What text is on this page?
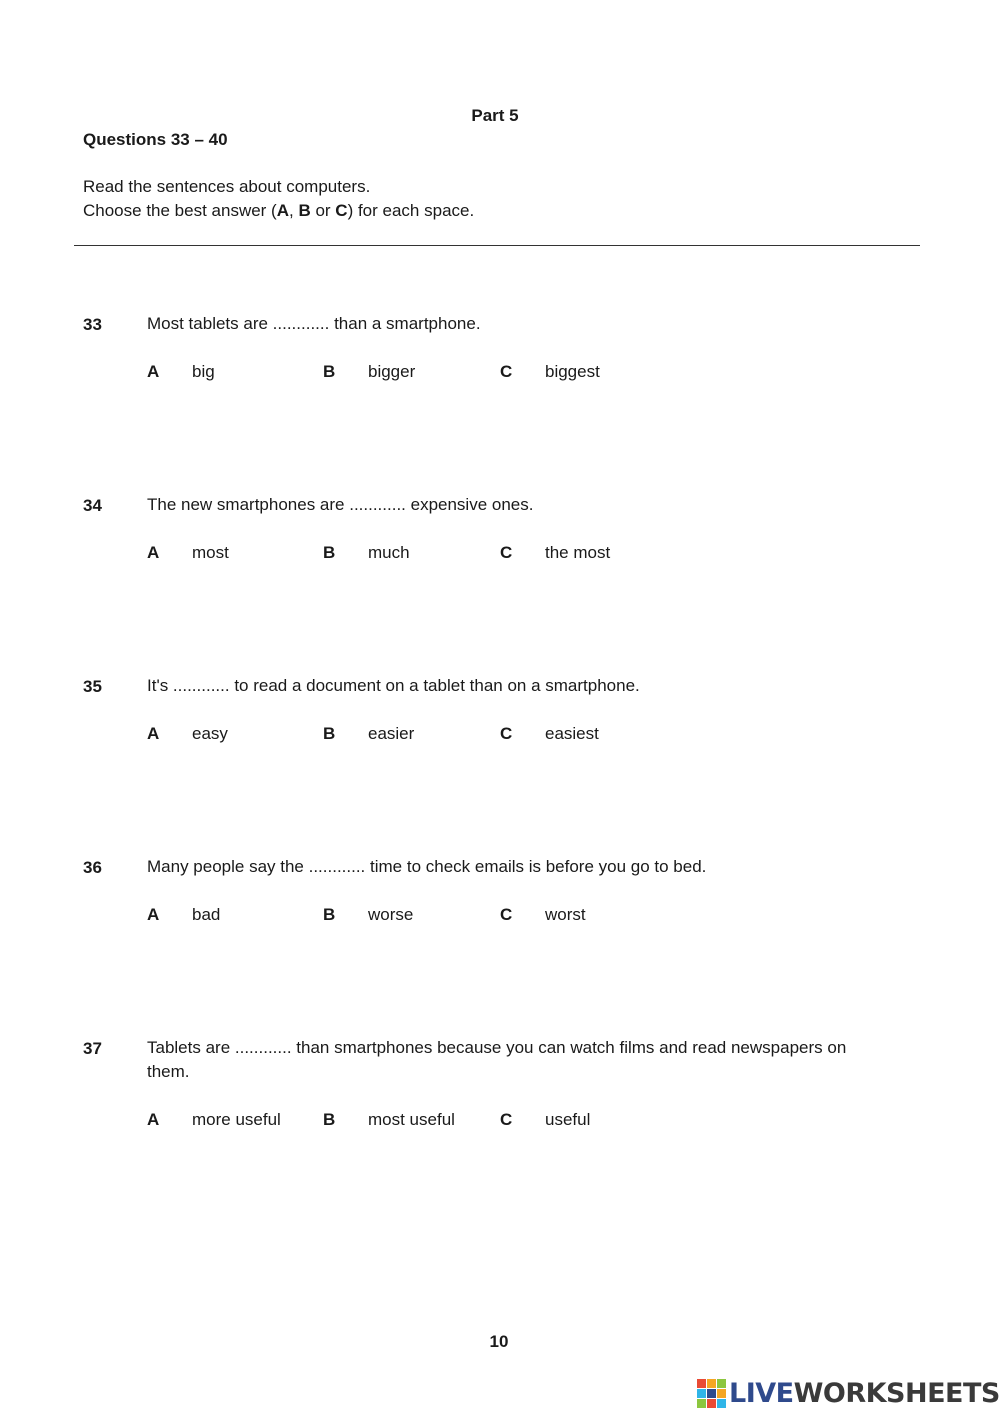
Part 5
Questions 33 – 40
Read the sentences about computers.
Choose the best answer (A, B or C) for each space.
33	Most tablets are ............ than a smartphone.
A big	B bigger	C biggest
34	The new smartphones are ............ expensive ones.
A most	B much	C the most
35	It's ............ to read a document on a tablet than on a smartphone.
A easy	B easier	C easiest
36	Many people say the ............ time to check emails is before you go to bed.
A bad	B worse	C worst
37	Tablets are ............ than smartphones because you can watch films and read newspapers on them.
A more useful B most useful	C useful
10
LIVEWORKSHEETS
